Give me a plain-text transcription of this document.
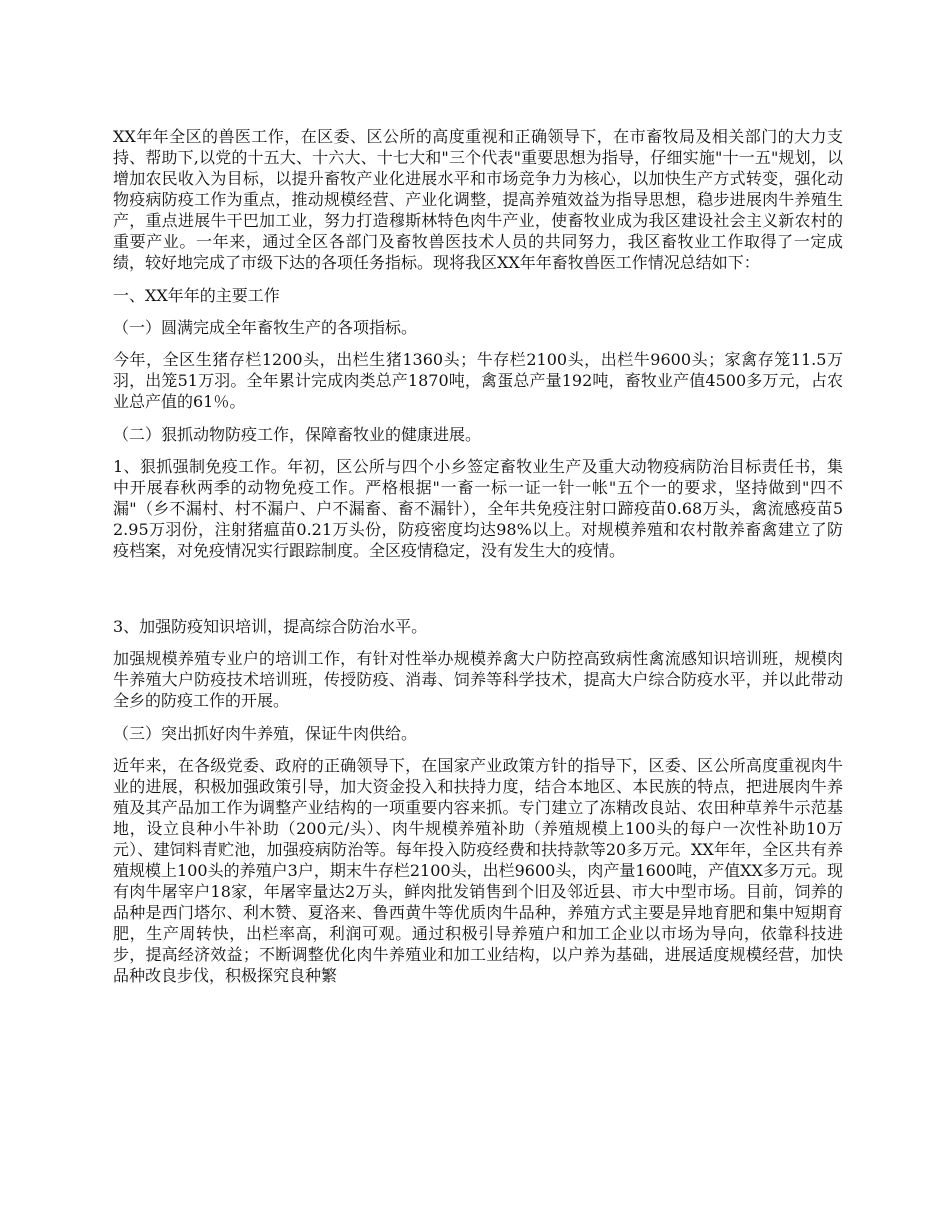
XX年年全区的兽医工作，在区委、区公所的高度重视和正确领导下，在市畜牧局及相关部门的大力支持、帮助下,以党的十五大、十六大、十七大和"三个代表"重要思想为指导，仔细实施"十一五"规划，以增加农民收入为目标，以提升畜牧产业化进展水平和市场竞争力为核心，以加快生产方式转变，强化动物疫病防疫工作为重点，推动规模经营、产业化调整，提高养殖效益为指导思想，稳步进展肉牛养殖生产，重点进展牛干巴加工业，努力打造穆斯林特色肉牛产业，使畜牧业成为我区建设社会主义新农村的重要产业。一年来，通过全区各部门及畜牧兽医技术人员的共同努力，我区畜牧业工作取得了一定成绩，较好地完成了市级下达的各项任务指标。现将我区XX年年畜牧兽医工作情况总结如下：

一、XX年年的主要工作

（一）圆满完成全年畜牧生产的各项指标。

今年，全区生猪存栏1200头，出栏生猪1360头；牛存栏2100头，出栏牛9600头；家禽存笼11.5万羽，出笼51万羽。全年累计完成肉类总产1870吨，禽蛋总产量192吨，畜牧业产值4500多万元，占农业总产值的61％。

（二）狠抓动物防疫工作，保障畜牧业的健康进展。

1、狠抓强制免疫工作。年初，区公所与四个小乡签定畜牧业生产及重大动物疫病防治目标责任书，集中开展春秋两季的动物免疫工作。严格根据"一畜一标一证一针一帐"五个一的要求，坚持做到"四不漏"（乡不漏村、村不漏户、户不漏畜、畜不漏针），全年共免疫注射口蹄疫苗0.68万头，禽流感疫苗52.95万羽份，注射猪瘟苗0.21万头份，防疫密度均达98%以上。对规模养殖和农村散养畜禽建立了防疫档案，对免疫情况实行跟踪制度。全区疫情稳定，没有发生大的疫情。

3、加强防疫知识培训，提高综合防治水平。

加强规模养殖专业户的培训工作，有针对性举办规模养禽大户防控高致病性禽流感知识培训班，规模肉牛养殖大户防疫技术培训班，传授防疫、消毒、饲养等科学技术，提高大户综合防疫水平，并以此带动全乡的防疫工作的开展。

（三）突出抓好肉牛养殖，保证牛肉供给。

近年来，在各级党委、政府的正确领导下，在国家产业政策方针的指导下，区委、区公所高度重视肉牛业的进展，积极加强政策引导，加大资金投入和扶持力度，结合本地区、本民族的特点，把进展肉牛养殖及其产品加工作为调整产业结构的一项重要内容来抓。专门建立了冻精改良站、农田种草养牛示范基地，设立良种小牛补助（200元/头）、肉牛规模养殖补助（养殖规模上100头的每户一次性补助10万元）、建饲料青贮池，加强疫病防治等。每年投入防疫经费和扶持款等20多万元。XX年年，全区共有养殖规模上100头的养殖户3户，期末牛存栏2100头，出栏9600头，肉产量1600吨，产值XX多万元。现有肉牛屠宰户18家，年屠宰量达2万头，鲜肉批发销售到个旧及邻近县、市大中型市场。目前，饲养的品种是西门塔尔、利木赞、夏洛来、鲁西黄牛等优质肉牛品种，养殖方式主要是异地育肥和集中短期育肥，生产周转快，出栏率高，利润可观。通过积极引导养殖户和加工企业以市场为导向，依靠科技进步，提高经济效益；不断调整优化肉牛养殖业和加工业结构，以户养为基础，进展适度规模经营，加快品种改良步伐，积极探究良种繁
